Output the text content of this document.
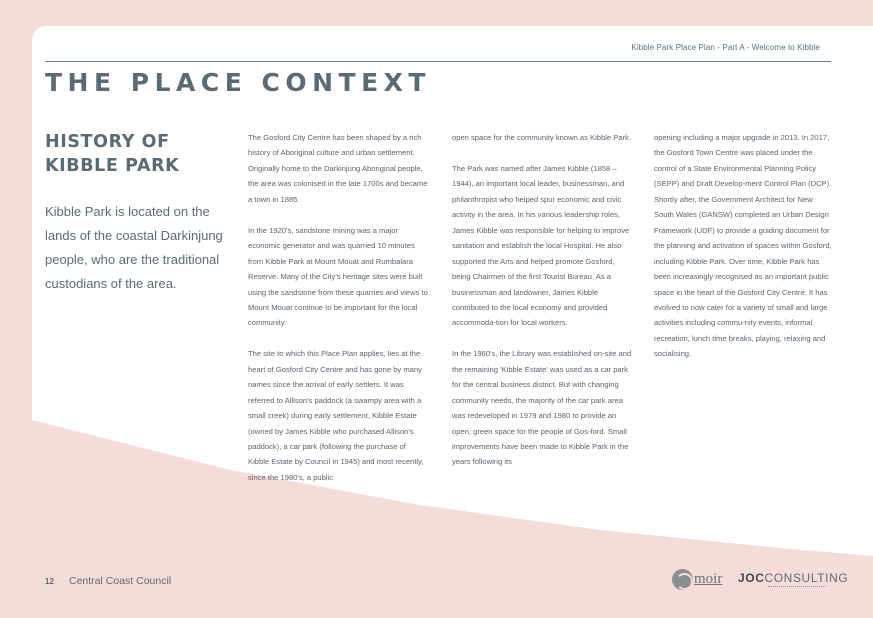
Kibble Park Place Plan - Part A - Welcome to Kibble
THE PLACE CONTEXT
HISTORY OF KIBBLE PARK
Kibble Park is located on the lands of the coastal Darkinjung people, who are the traditional custodians of the area.

The Gosford City Centre has been shaped by a rich history of Aboriginal culture and urban settlement. Originally home to the Darkinjung Aboriginal people, the area was colonised in the late 1700s and became a town in 1885.

In the 1920's, sandstone mining was a major economic generator and was quarried 10 minutes from Kibble Park at Mount Mouat and Rumbalara Reserve. Many of the City's heritage sites were built using the sandstone from these quarries and views to Mount Mouat continue to be important for the local community.

The site to which this Place Plan applies, lies at the heart of Gosford City Centre and has gone by many names since the arrival of early settlers. It was referred to Allison's paddock (a swampy area with a small creek) during early settlement, Kibble Estate (owned by James Kibble who purchased Allison's paddock), a car park (following the purchase of Kibble Estate by Council in 1945) and most recently, since the 1980's, a public

open space for the community known as Kibble Park.

The Park was named after James Kibble (1858 – 1944), an important local leader, businessman, and philanthropist who helped spur economic and civic activity in the area. In his various leadership roles, James Kibble was responsible for helping to improve sanitation and establish the local Hospital. He also supported the Arts and helped promote Gosford, being Chairmen of the first Tourist Bureau. As a businessman and landowner, James Kibble contributed to the local economy and provided accommoda-tion for local workers.

In the 1960's, the Library was established on-site and the remaining 'Kibble Estate' was used as a car park for the central business district. But with changing community needs, the majority of the car park area was redeveloped in 1979 and 1980 to provide an open, green space for the people of Gos-ford. Small improvements have been made to Kibble Park in the years following its

opening including a major upgrade in 2013. In 2017, the Gosford Town Centre was placed under the control of a State Environmental Planning Policy (SEPP) and Draft Develop-ment Control Plan (DCP). Shortly after, the Government Architect for New South Wales (GANSW) completed an Urban Design Framework (UDF) to provide a guiding document for the planning and activation of spaces within Gosford, including Kibble Park. Over time, Kibble Park has been increasingly recognised as an important public space in the heart of the Gosford City Centre. It has evolved to now cater for a variety of small and large activities including commu-nity events, informal recreation, lunch time breaks, playing, relaxing and socialising.

12 Central Coast Council	moir JOCCONSULTING
